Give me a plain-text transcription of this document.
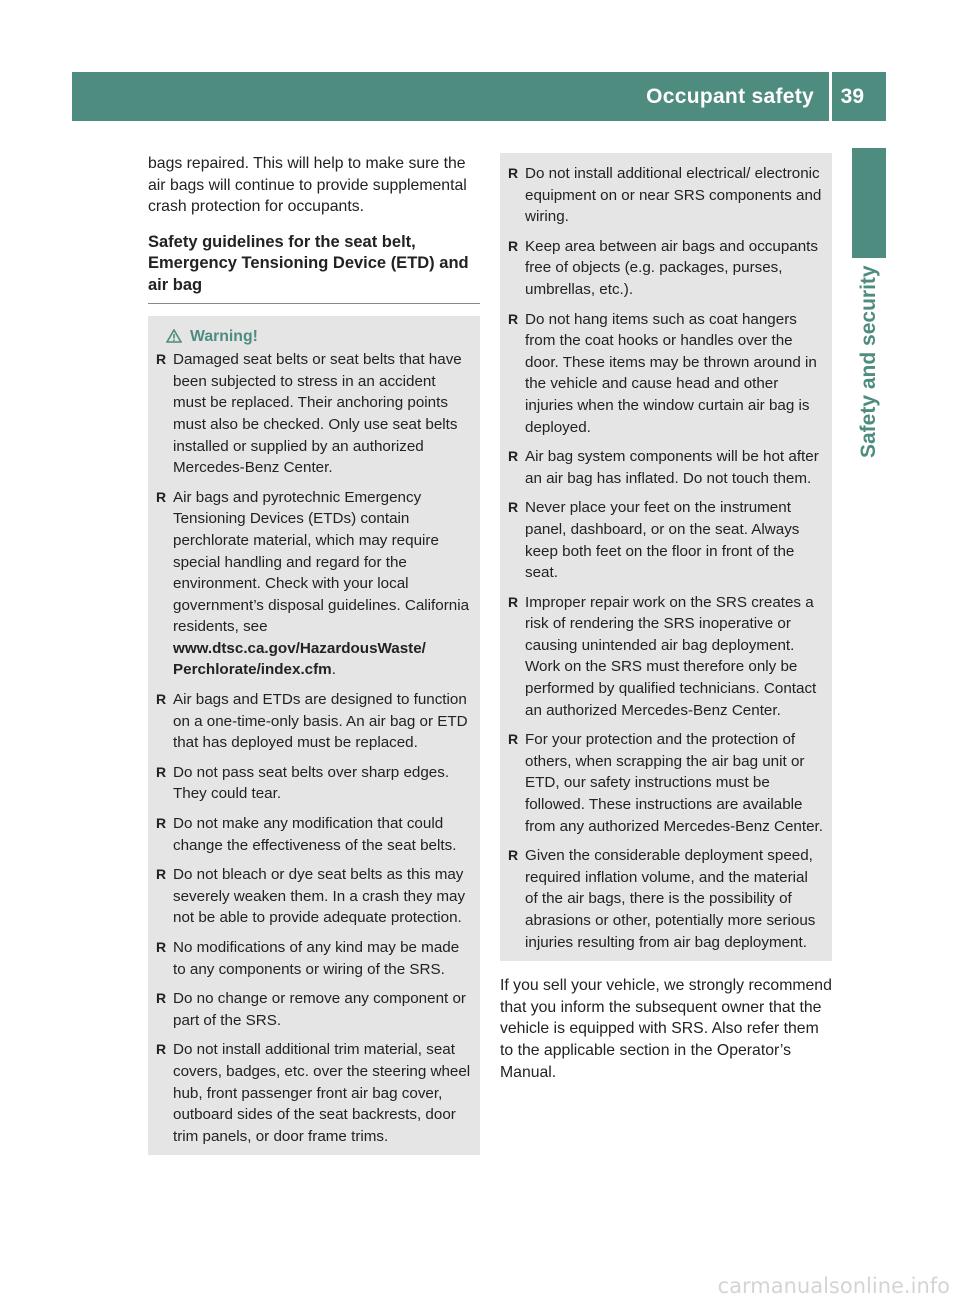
Occupant safety 39
Safety and security

bags repaired. This will help to make sure the air bags will continue to provide supplemental crash protection for occupants.

Safety guidelines for the seat belt, Emergency Tensioning Device (ETD) and air bag
Warning!
R Damaged seat belts or seat belts that have been subjected to stress in an accident must be replaced. Their anchoring points must also be checked. Only use seat belts installed or supplied by an authorized Mercedes-Benz Center.
R Air bags and pyrotechnic Emergency Tensioning Devices (ETDs) contain perchlorate material, which may require special handling and regard for the environment. Check with your local government’s disposal guidelines. California residents, see www.dtsc.ca.gov/HazardousWaste/ Perchlorate/index.cfm.
R Air bags and ETDs are designed to function on a one-time-only basis. An air bag or ETD that has deployed must be replaced.
R Do not pass seat belts over sharp edges. They could tear.
R Do not make any modification that could change the effectiveness of the seat belts.
R Do not bleach or dye seat belts as this may severely weaken them. In a crash they may not be able to provide adequate protection.
R No modifications of any kind may be made to any components or wiring of the SRS.
R Do no change or remove any component or part of the SRS.
R Do not install additional trim material, seat covers, badges, etc. over the steering wheel hub, front passenger front air bag cover, outboard sides of the seat backrests, door trim panels, or door frame trims.
R Do not install additional electrical/ electronic equipment on or near SRS components and wiring.
R Keep area between air bags and occupants free of objects (e.g. packages, purses, umbrellas, etc.).
R Do not hang items such as coat hangers from the coat hooks or handles over the door. These items may be thrown around in the vehicle and cause head and other injuries when the window curtain air bag is deployed.
R Air bag system components will be hot after an air bag has inflated. Do not touch them.
R Never place your feet on the instrument panel, dashboard, or on the seat. Always keep both feet on the floor in front of the seat.
R Improper repair work on the SRS creates a risk of rendering the SRS inoperative or causing unintended air bag deployment. Work on the SRS must therefore only be performed by qualified technicians. Contact an authorized Mercedes-Benz Center.
R For your protection and the protection of others, when scrapping the air bag unit or ETD, our safety instructions must be followed. These instructions are available from any authorized Mercedes-Benz Center.
R Given the considerable deployment speed, required inflation volume, and the material of the air bags, there is the possibility of abrasions or other, potentially more serious injuries resulting from air bag deployment.

If you sell your vehicle, we strongly recommend that you inform the subsequent owner that the vehicle is equipped with SRS. Also refer them to the applicable section in the Operator’s Manual.

carmanualsonline.info
